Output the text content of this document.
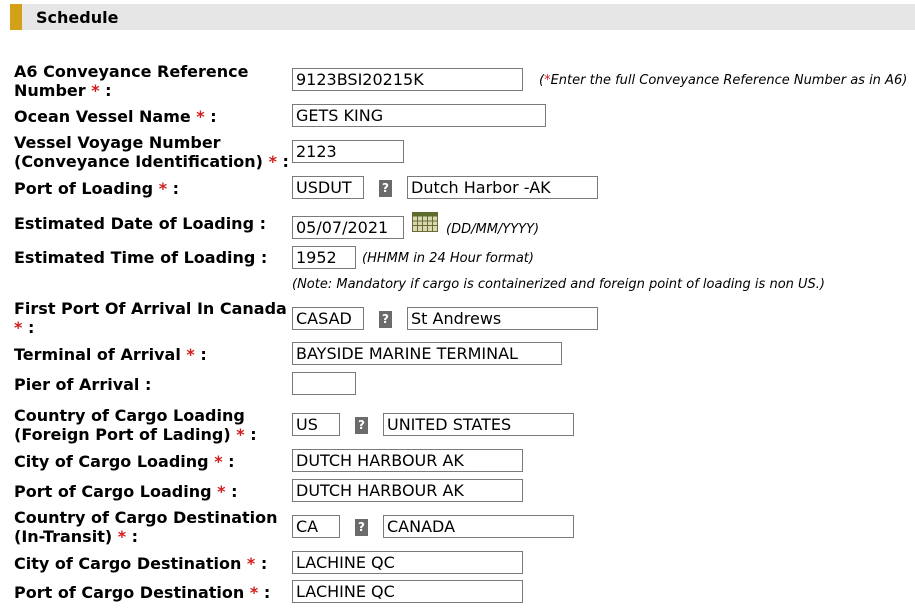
Schedule
A6 Conveyance Reference
Number * :
9123BSI20215K
(*Enter the full Conveyance Reference Number as in A6)
Ocean Vessel Name * :
GETS KING
Vessel Voyage Number
(Conveyance Identification) * :
2123
Port of Loading * :
USDUT	?
Dutch Harbor -AK
Estimated Date of Loading :
05/07/2021	(DD/MM/YYYY)
Estimated Time of Loading :
1952	(HHMM in 24 Hour format)
(Note: Mandatory if cargo is containerized and foreign point of loading is non US.)
First Port Of Arrival In Canada
* :
CASAD	?
St Andrews
Terminal of Arrival * :
BAYSIDE MARINE TERMINAL
Pier of Arrival :
Country of Cargo Loading
(Foreign Port of Lading) * :
US	?
UNITED STATES
City of Cargo Loading * :
DUTCH HARBOUR AK
Port of Cargo Loading * :
DUTCH HARBOUR AK
Country of Cargo Destination
(In-Transit) * :
CA	?
CANADA
City of Cargo Destination * :
LACHINE QC
Port of Cargo Destination * :
LACHINE QC
